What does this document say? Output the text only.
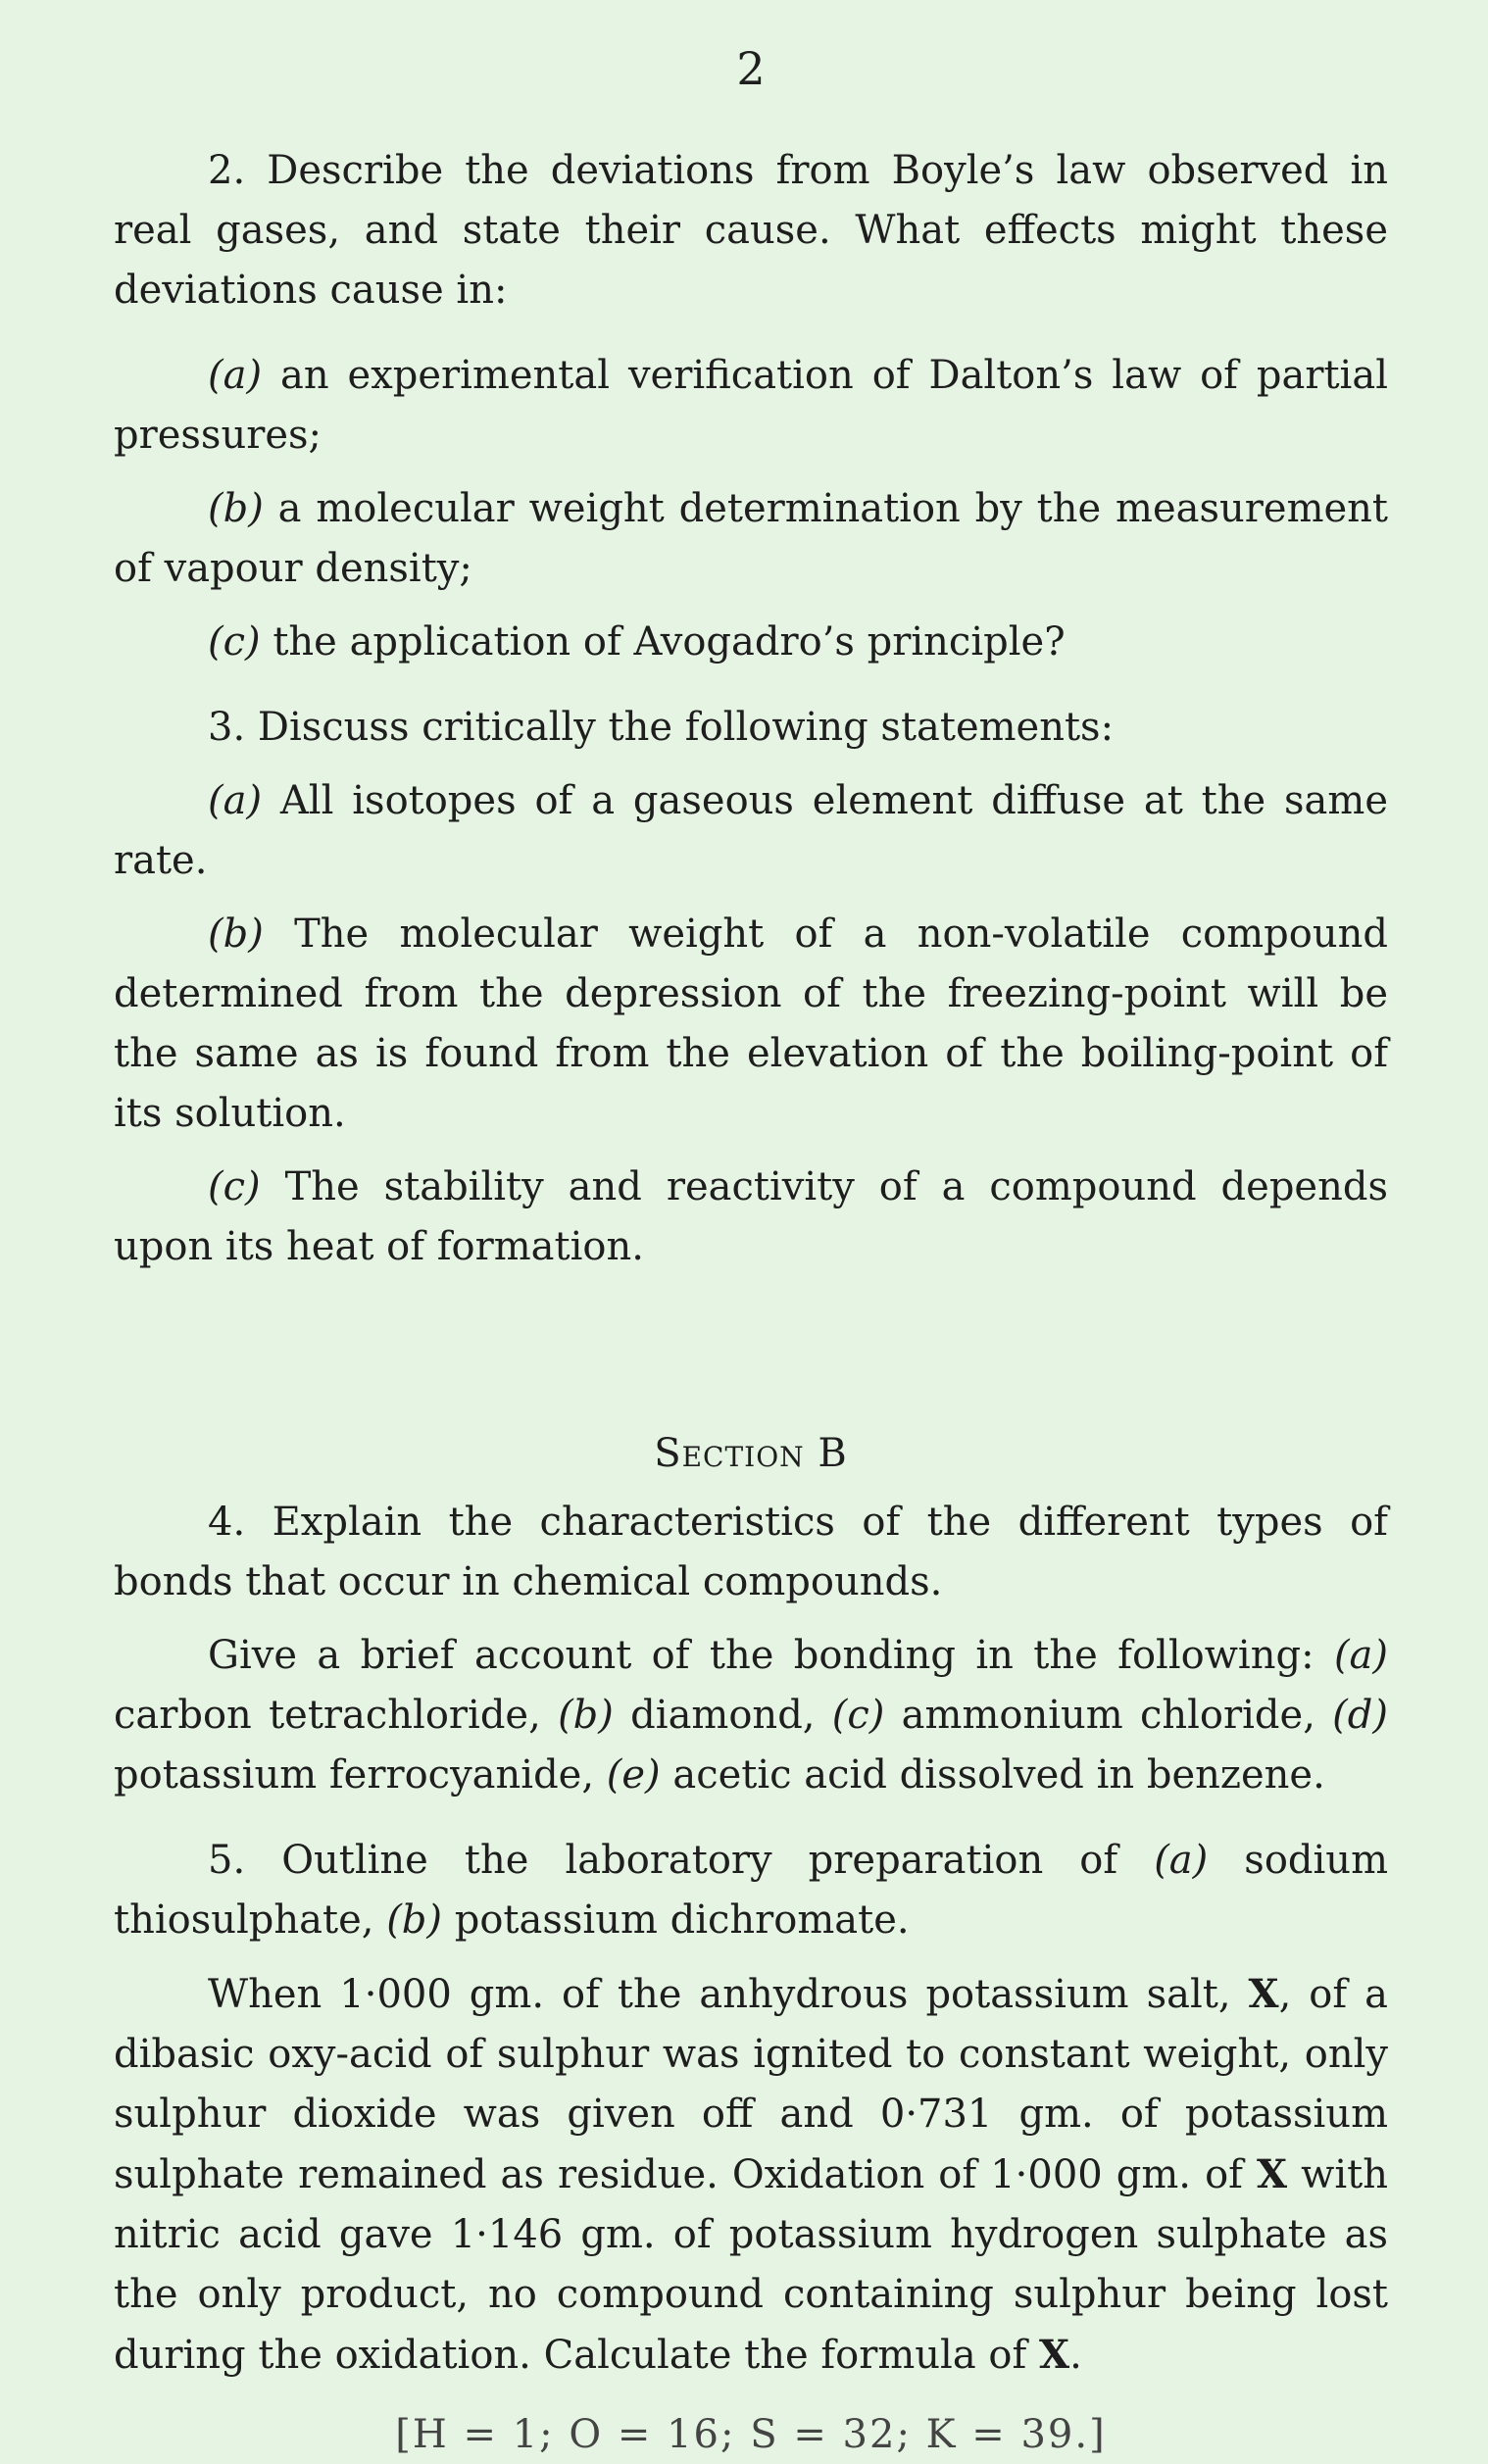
2

2. Describe the deviations from Boyle’s law observed in real gases, and state their cause. What effects might these deviations cause in:

(a) an experimental verification of Dalton’s law of partial pressures;

(b) a molecular weight determination by the measurement of vapour density;

(c) the application of Avogadro’s principle?

3. Discuss critically the following statements:

(a) All isotopes of a gaseous element diffuse at the same rate.

(b) The molecular weight of a non-volatile compound determined from the depression of the freezing-point will be the same as is found from the elevation of the boiling-point of its solution.

(c) The stability and reactivity of a compound depends upon its heat of formation.

Section B

4. Explain the characteristics of the different types of bonds that occur in chemical compounds.

Give a brief account of the bonding in the following: (a) carbon tetrachloride, (b) diamond, (c) ammonium chloride, (d) potassium ferrocyanide, (e) acetic acid dissolved in benzene.

5. Outline the laboratory preparation of (a) sodium thiosulphate, (b) potassium dichromate.

When 1·000 gm. of the anhydrous potassium salt, X, of a dibasic oxy-acid of sulphur was ignited to constant weight, only sulphur dioxide was given off and 0·731 gm. of potassium sulphate remained as residue. Oxidation of 1·000 gm. of X with nitric acid gave 1·146 gm. of potassium hydrogen sulphate as the only product, no compound containing sulphur being lost during the oxidation. Calculate the formula of X.

[H = 1; O = 16; S = 32; K = 39.]
